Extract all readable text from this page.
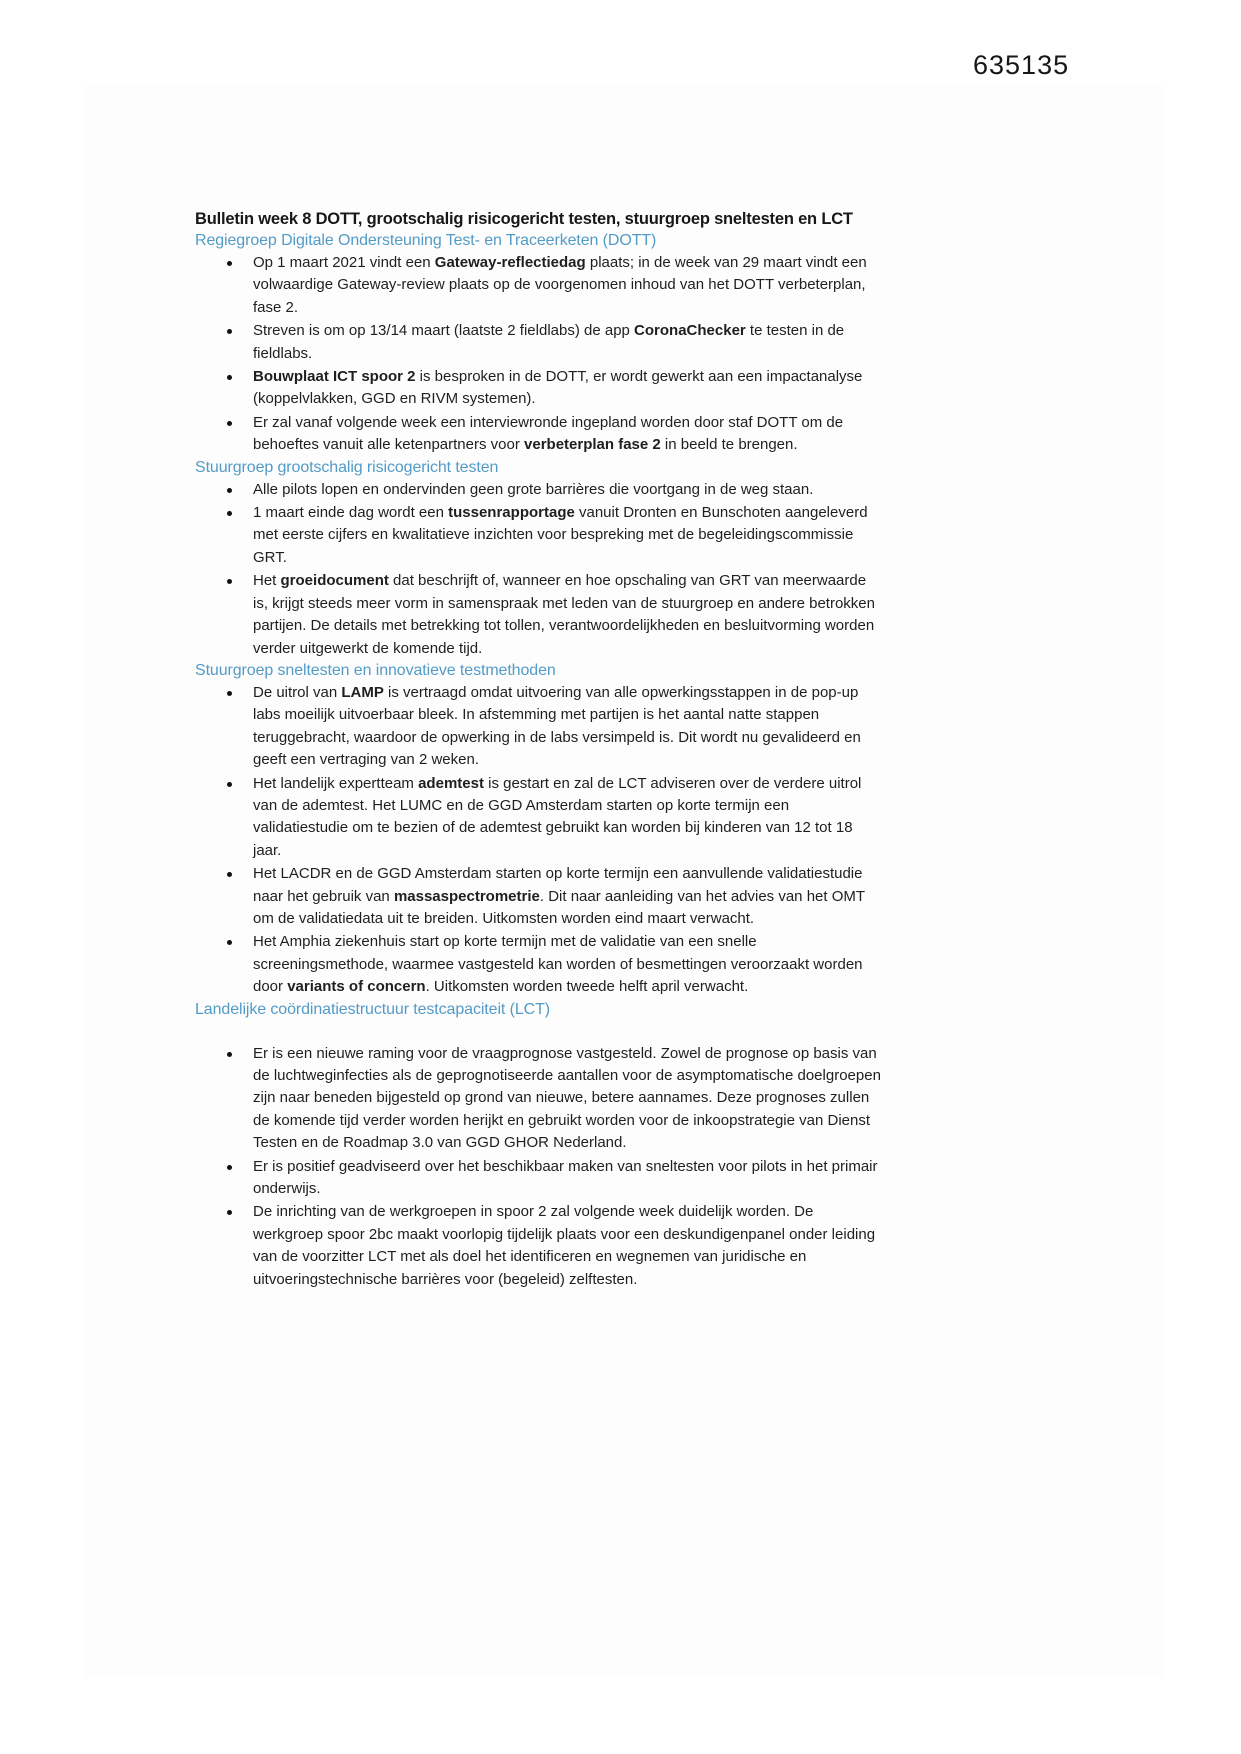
635135
Bulletin week 8 DOTT, grootschalig risicogericht testen, stuurgroep sneltesten en LCT
Regiegroep Digitale Ondersteuning Test- en Traceerketen (DOTT)
Op 1 maart 2021 vindt een Gateway-reflectiedag plaats; in de week van 29 maart vindt een volwaardige Gateway-review plaats op de voorgenomen inhoud van het DOTT verbeterplan, fase 2.
Streven is om op 13/14 maart (laatste 2 fieldlabs) de app CoronaChecker te testen in de fieldlabs.
Bouwplaat ICT spoor 2 is besproken in de DOTT, er wordt gewerkt aan een impactanalyse (koppelvlakken, GGD en RIVM systemen).
Er zal vanaf volgende week een interviewronde ingepland worden door staf DOTT om de behoeftes vanuit alle ketenpartners voor verbeterplan fase 2 in beeld te brengen.
Stuurgroep grootschalig risicogericht testen
Alle pilots lopen en ondervinden geen grote barrières die voortgang in de weg staan.
1 maart einde dag wordt een tussenrapportage vanuit Dronten en Bunschoten aangeleverd met eerste cijfers en kwalitatieve inzichten voor bespreking met de begeleidingscommissie GRT.
Het groeidocument dat beschrijft of, wanneer en hoe opschaling van GRT van meerwaarde is, krijgt steeds meer vorm in samenspraak met leden van de stuurgroep en andere betrokken partijen. De details met betrekking tot tollen, verantwoordelijkheden en besluitvorming worden verder uitgewerkt de komende tijd.
Stuurgroep sneltesten en innovatieve testmethoden
De uitrol van LAMP is vertraagd omdat uitvoering van alle opwerkingsstappen in de pop-up labs moeilijk uitvoerbaar bleek. In afstemming met partijen is het aantal natte stappen teruggebracht, waardoor de opwerking in de labs versimpeld is. Dit wordt nu gevalideerd en geeft een vertraging van 2 weken.
Het landelijk expertteam ademtest is gestart en zal de LCT adviseren over de verdere uitrol van de ademtest. Het LUMC en de GGD Amsterdam starten op korte termijn een validatiestudie om te bezien of de ademtest gebruikt kan worden bij kinderen van 12 tot 18 jaar.
Het LACDR en de GGD Amsterdam starten op korte termijn een aanvullende validatiestudie naar het gebruik van massaspectrometrie. Dit naar aanleiding van het advies van het OMT om de validatiedata uit te breiden. Uitkomsten worden eind maart verwacht.
Het Amphia ziekenhuis start op korte termijn met de validatie van een snelle screeningsmethode, waarmee vastgesteld kan worden of besmettingen veroorzaakt worden door variants of concern. Uitkomsten worden tweede helft april verwacht.
Landelijke coördinatiestructuur testcapaciteit (LCT)
Er is een nieuwe raming voor de vraagprognose vastgesteld. Zowel de prognose op basis van de luchtweginfecties als de geprognotiseerde aantallen voor de asymptomatische doelgroepen zijn naar beneden bijgesteld op grond van nieuwe, betere aannames. Deze prognoses zullen de komende tijd verder worden herijkt en gebruikt worden voor de inkoopstrategie van Dienst Testen en de Roadmap 3.0 van GGD GHOR Nederland.
Er is positief geadviseerd over het beschikbaar maken van sneltesten voor pilots in het primair onderwijs.
De inrichting van de werkgroepen in spoor 2 zal volgende week duidelijk worden. De werkgroep spoor 2bc maakt voorlopig tijdelijk plaats voor een deskundigenpanel onder leiding van de voorzitter LCT met als doel het identificeren en wegnemen van juridische en uitvoeringstechnische barrières voor (begeleid) zelftesten.
